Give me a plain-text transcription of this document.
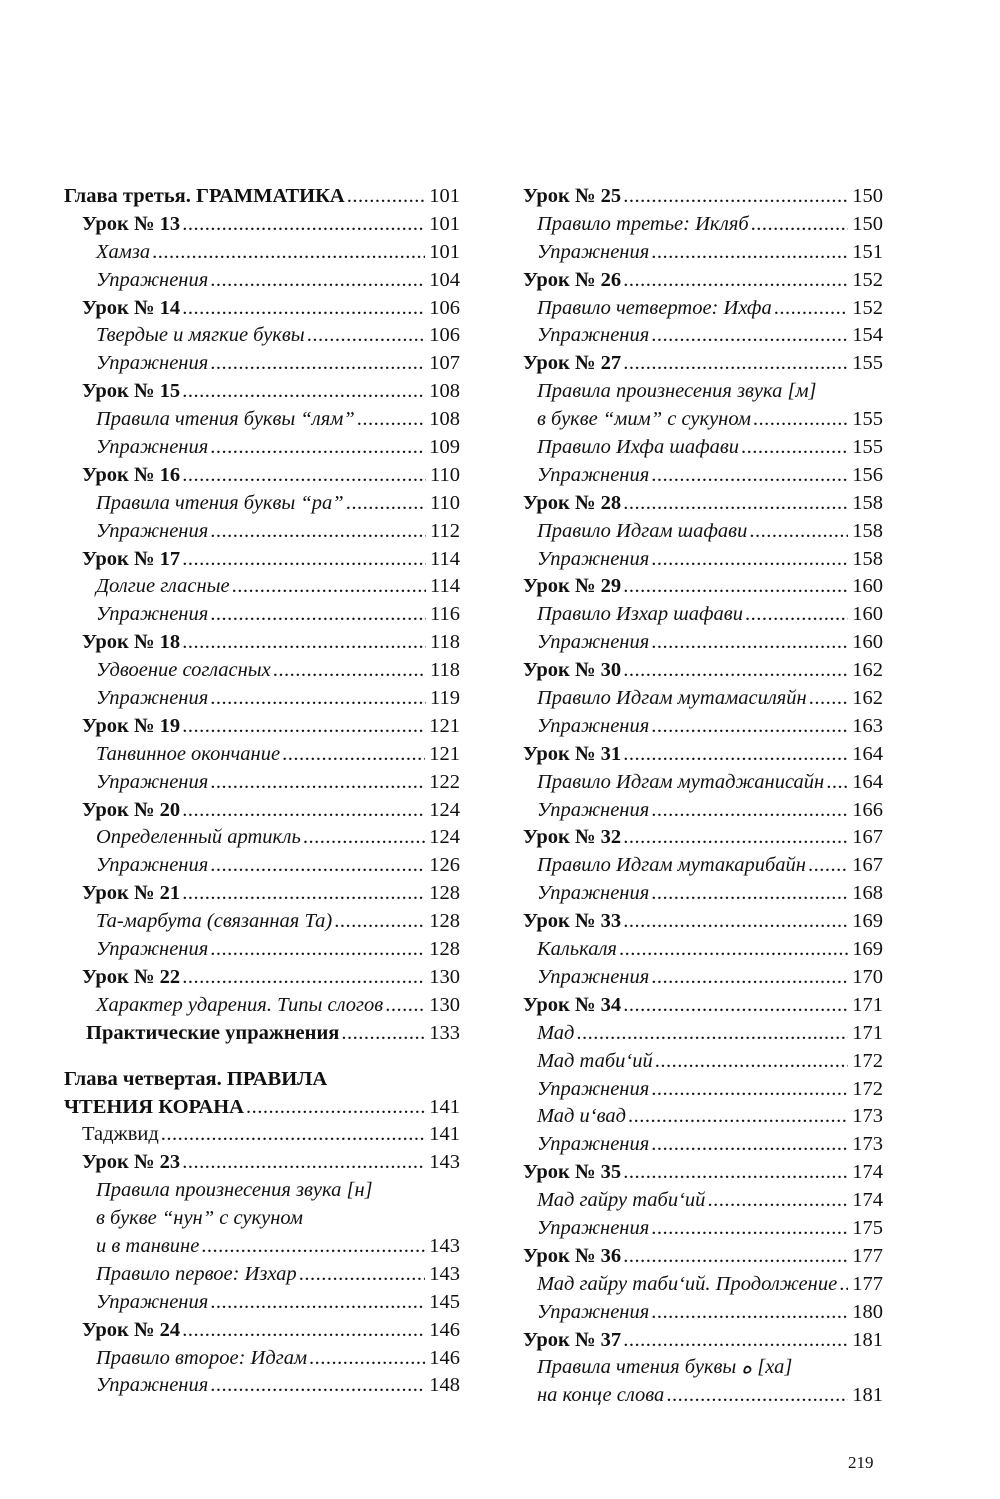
Глава третья. ГРАММАТИКА .....	101
Урок № 13 .....	101
Хамза .....	101
Упражнения .....	104
Урок № 14 .....	106
Твердые и мягкие буквы .....	106
Упражнения .....	107
Урок № 15 .....	108
Правила чтения буквы “лям” .....	108
Упражнения .....	109
Урок № 16 .....	110
Правила чтения буквы “ра” .....	110
Упражнения .....	112
Урок № 17 .....	114
Долгие гласные .....	114
Упражнения .....	116
Урок № 18 .....	118
Удвоение согласных .....	118
Упражнения .....	119
Урок № 19 .....	121
Танвинное окончание .....	121
Упражнения .....	122
Урок № 20 .....	124
Определенный артикль .....	124
Упражнения .....	126
Урок № 21 .....	128
Та-марбута (связанная Та) .....	128
Упражнения .....	128
Урок № 22 .....	130
Характер ударения. Типы слогов ..... 130
Практические упражнения .....	133
Глава четвертая. ПРАВИЛА
ЧТЕНИЯ КОРАНА .....	141
Таджвид .....	141
Урок № 23 .....	143
Правила произнесения звука [н]
в букве “нун” с сукуном
и в танвине .....	143
Правило первое: Изхар .....	143
Упражнения .....	145
Урок № 24 .....	146
Правило второе: Идгам .....	146
Упражнения .....	148
Урок № 25 .....	150
Правило третье: Икляб .....	150
Упражнения .....	151
Урок № 26 .....	152
Правило четвертое: Ихфа .....	152
Упражнения .....	154
Урок № 27 .....	155
Правила произнесения звука [м]
в букве “мим” с сукуном .....	155
Правило Ихфа шафави .....	155
Упражнения .....	156
Урок № 28 .....	158
Правило Идгам шафави .....	158
Упражнения .....	158
Урок № 29 .....	160
Правило Изхар шафави .....	160
Упражнения .....	160
Урок № 30 .....	162
Правило Идгам мутамасиляйн ..... 162
Упражнения .....	163
Урок № 31 .....	164
Правило Идгам мутаджанисайн ..... 164
Упражнения .....	166
Урок № 32 .....	167
Правило Идгам мутакарибайн ..... 167
Упражнения .....	168
Урок № 33 .....	169
Калькаля .....	169
Упражнения .....	170
Урок № 34 .....	171
Мад .....	171
Мад таби‘ий .....	172
Упражнения .....	172
Мад и‘вад .....	173
Упражнения .....	173
Урок № 35 .....	174
Мад гайру таби‘ий .....	174
Упражнения .....	175
Урок № 36 .....	177
Мад гайру таби‘ий. Продолжение ..... 177
Упражнения .....	180
Урок № 37 .....	181
Правила чтения буквы ه [ха]
на конце слова .....	181
219
